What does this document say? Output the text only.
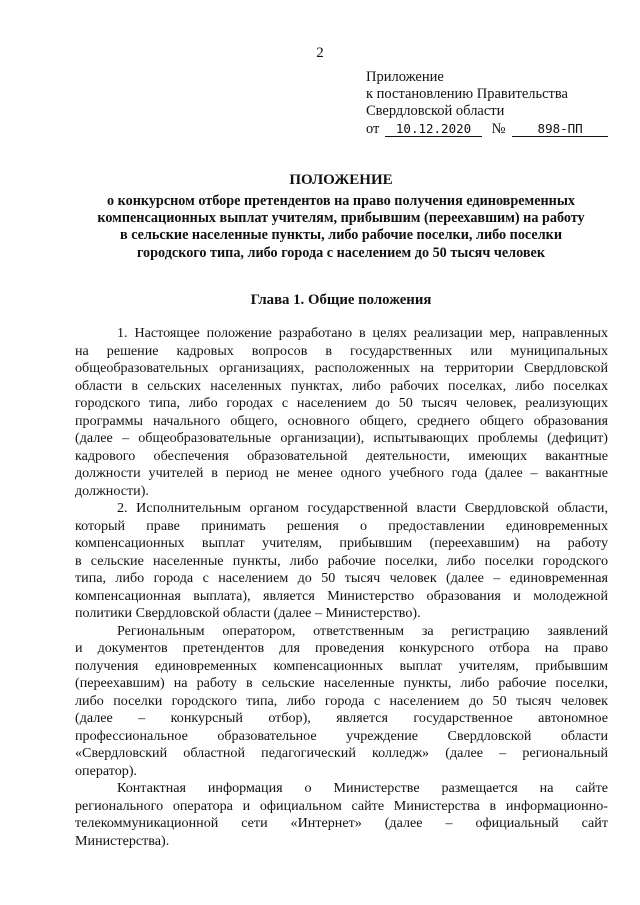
2
Приложение
к постановлению Правительства
Свердловской области
от 10.12.2020 №	898-ПП
ПОЛОЖЕНИЕ
о конкурсном отборе претендентов на право получения единовременных
компенсационных выплат учителям, прибывшим (переехавшим) на работу
в сельские населенные пункты, либо рабочие поселки, либо поселки
городского типа, либо города с населением до 50 тысяч человек
Глава 1. Общие положения
1. Настоящее положение разработано в целях реализации мер, направленных
на решение кадровых вопросов в государственных или муниципальных
общеобразовательных организациях, расположенных на территории Свердловской
области в сельских населенных пунктах, либо рабочих поселках, либо поселках
городского типа, либо городах с населением до 50 тысяч человек, реализующих
программы начального общего, основного общего, среднего общего образования
(далее – общеобразовательные организации), испытывающих проблемы (дефицит)
кадрового обеспечения образовательной деятельности, имеющих вакантные
должности учителей в период не менее одного учебного года (далее – вакантные
должности).
2. Исполнительным органом государственной власти Свердловской области,
который праве принимать решения о предоставлении единовременных
компенсационных выплат учителям, прибывшим (переехавшим) на работу
в сельские населенные пункты, либо рабочие поселки, либо поселки городского
типа, либо города с населением до 50 тысяч человек (далее – единовременная
компенсационная выплата), является Министерство образования и молодежной
политики Свердловской области (далее – Министерство).
Региональным оператором, ответственным за регистрацию заявлений
и документов претендентов для проведения конкурсного отбора на право
получения единовременных компенсационных выплат учителям, прибывшим
(переехавшим) на работу в сельские населенные пункты, либо рабочие поселки,
либо поселки городского типа, либо города с населением до 50 тысяч человек
(далее – конкурсный отбор), является государственное автономное
профессиональное образовательное учреждение Свердловской области
«Свердловский областной педагогический колледж» (далее – региональный
оператор).
Контактная информация о Министерстве размещается на сайте
регионального оператора и официальном сайте Министерства в информационно-
телекоммуникационной сети «Интернет» (далее – официальный сайт
Министерства).
